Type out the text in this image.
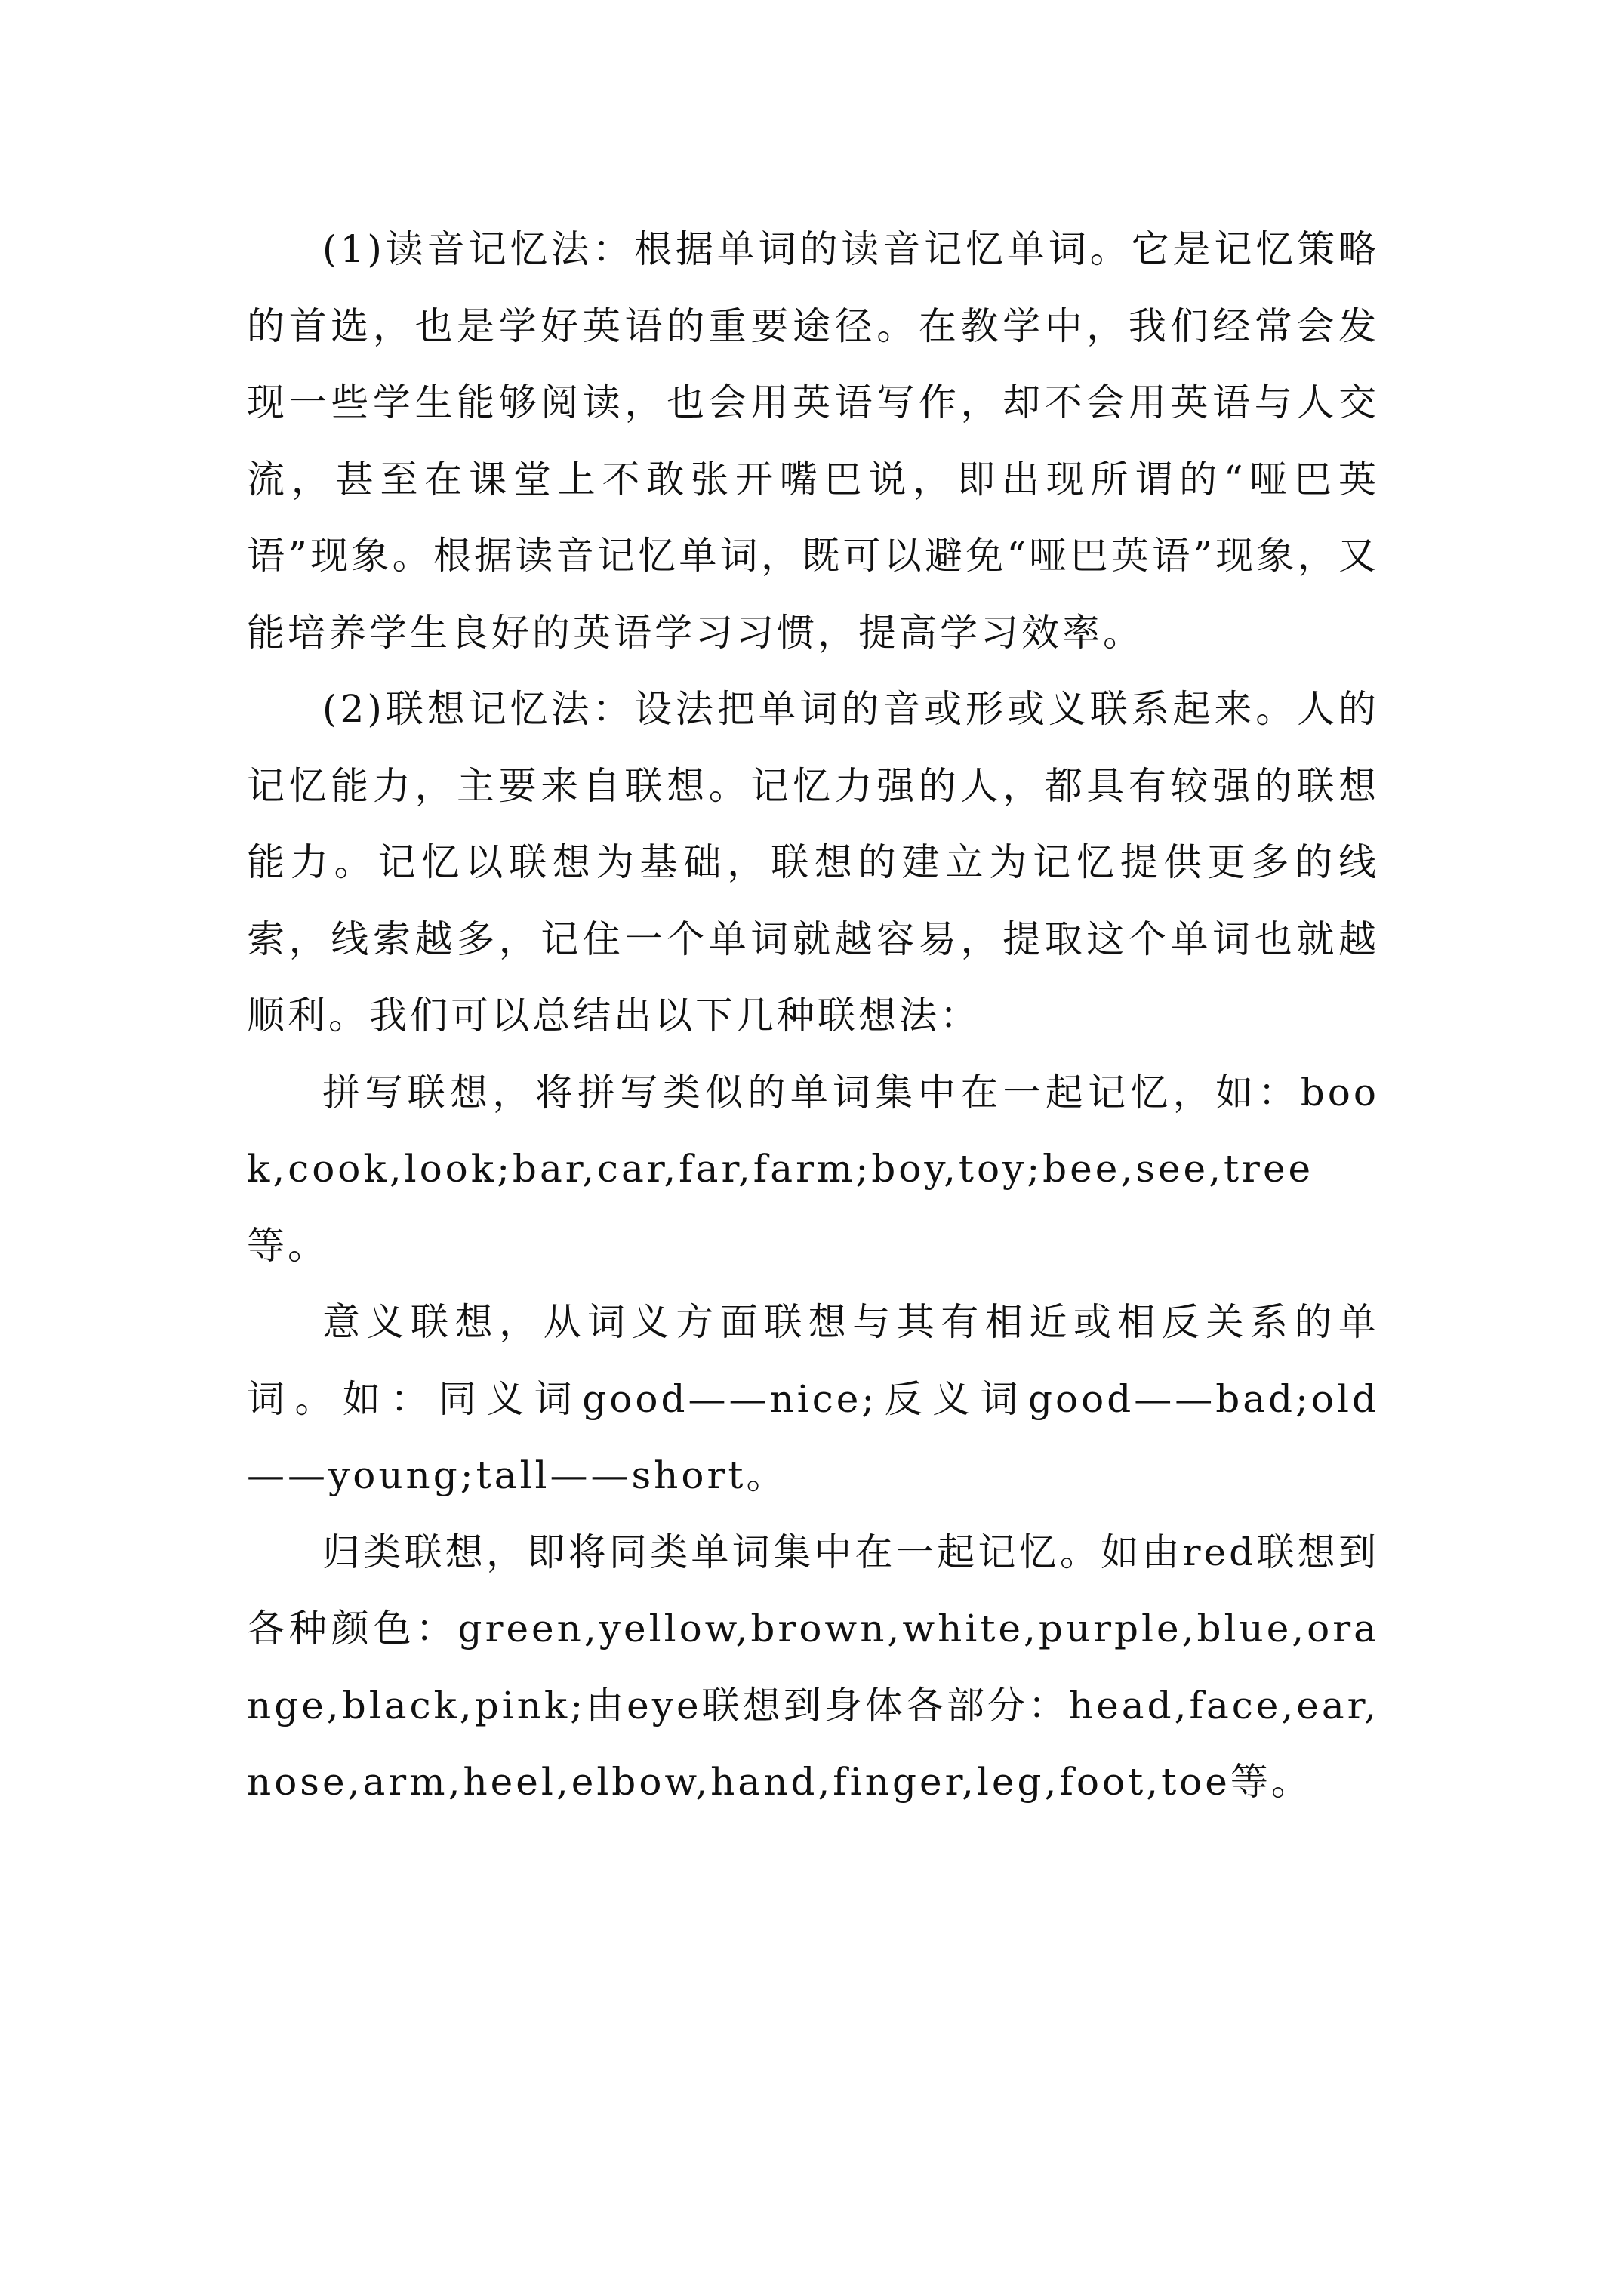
(1)读音记忆法：根据单词的读音记忆单词。它是记忆策略的首选，也是学好英语的重要途径。在教学中，我们经常会发现一些学生能够阅读，也会用英语写作，却不会用英语与人交流，甚至在课堂上不敢张开嘴巴说，即出现所谓的“哑巴英语”现象。根据读音记忆单词，既可以避免“哑巴英语”现象，又能培养学生良好的英语学习习惯，提高学习效率。

(2)联想记忆法：设法把单词的音或形或义联系起来。人的记忆能力，主要来自联想。记忆力强的人，都具有较强的联想能力。记忆以联想为基础，联想的建立为记忆提供更多的线索，线索越多，记住一个单词就越容易，提取这个单词也就越顺利。我们可以总结出以下几种联想法：

拼写联想，将拼写类似的单词集中在一起记忆，如：book,cook,look;bar,car,far,farm;boy,toy;bee,see,tree等。

意义联想，从词义方面联想与其有相近或相反关系的单词。如：同义词good——nice;反义词good——bad;old——young;tall——short。

归类联想，即将同类单词集中在一起记忆。如由red联想到各种颜色：green,yellow,brown,white,purple,blue,orange,black,pink;由eye联想到身体各部分：head,face,ear,nose,arm,heel,elbow,hand,finger,leg,foot,toe等。
